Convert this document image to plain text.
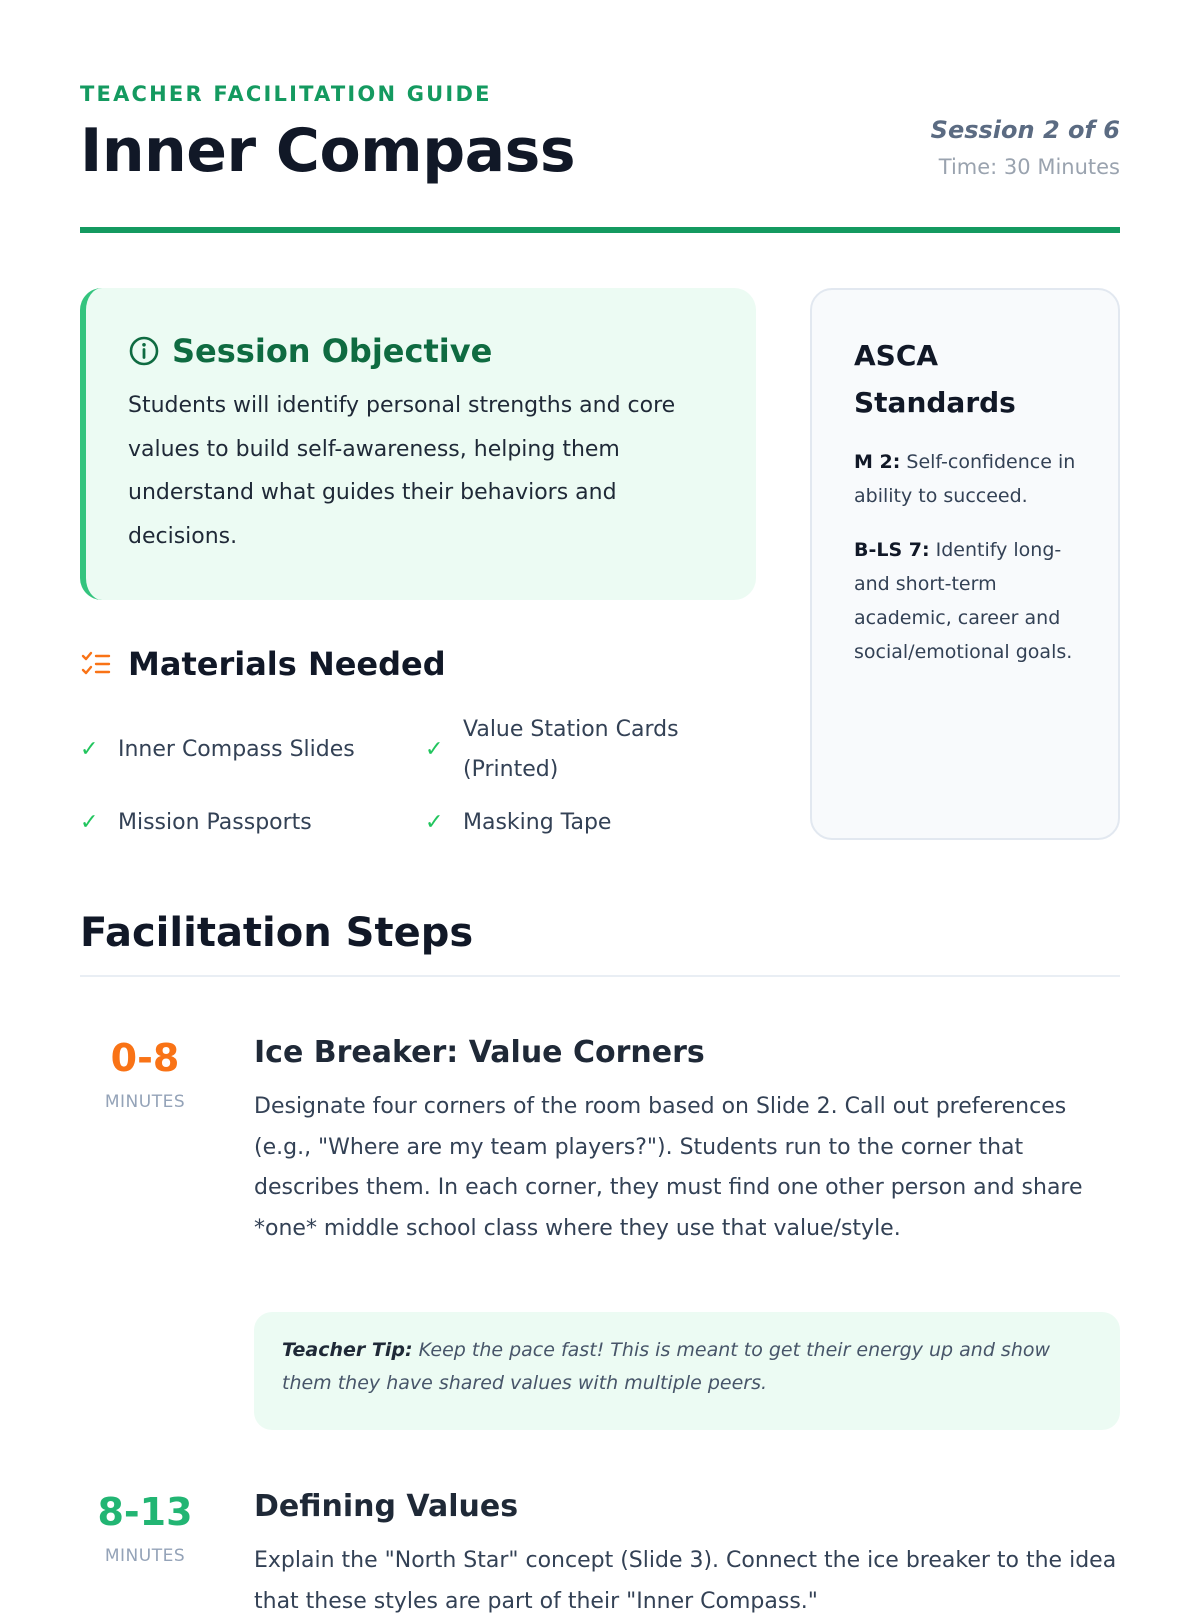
TEACHER FACILITATION GUIDE
Inner Compass	Session 2 of 6
Time: 30 Minutes
Session Objective

Students will identify personal strengths and core values to build self-awareness, helping them understand what guides their behaviors and decisions.

ASCA Standards

M 2: Self-confidence in ability to succeed.

B-LS 7: Identify long- and short-term academic, career and social/emotional goals.

Materials Needed
✓ Inner Compass Slides	✓
Value Station Cards (Printed)
✓ Mission Passports	✓ Masking Tape
Facilitation Steps
0-8
MINUTES
Ice Breaker: Value Corners

Designate four corners of the room based on Slide 2. Call out preferences (e.g., "Where are my team players?"). Students run to the corner that describes them. In each corner, they must find one other person and share *one* middle school class where they use that value/style.

Teacher Tip: Keep the pace fast! This is meant to get their energy up and show them they have shared values with multiple peers.
8-13
MINUTES
Defining Values

Explain the "North Star" concept (Slide 3). Connect the ice breaker to the idea that these styles are part of their "Inner Compass."
